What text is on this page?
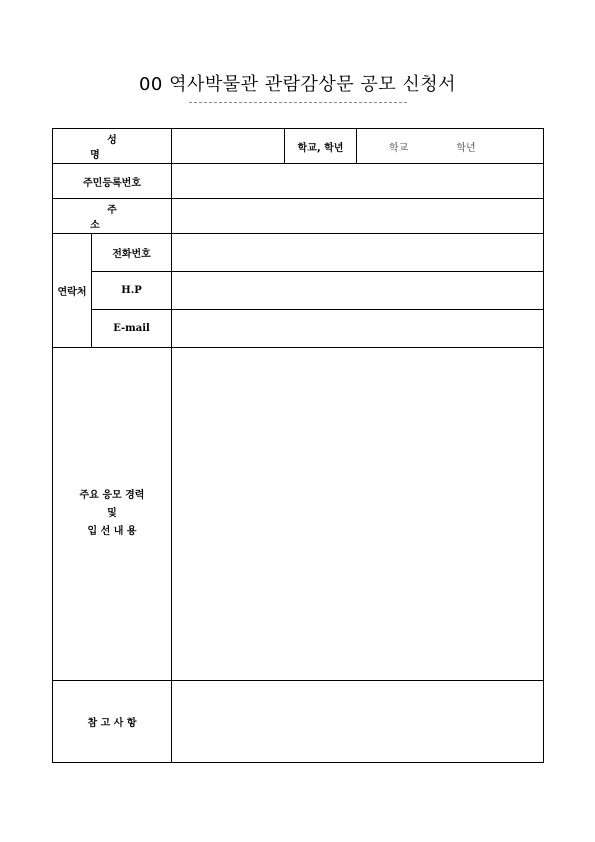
00 역사박물관 관람감상문 공모 신청서
성명			학교, 학년	학교 학년

주민등록번호				
주소				
연락처	전화번호			
	H.P			
	E-mail			

주요 응모 경력
및
입 선 내 용				

참 고 사 항				
